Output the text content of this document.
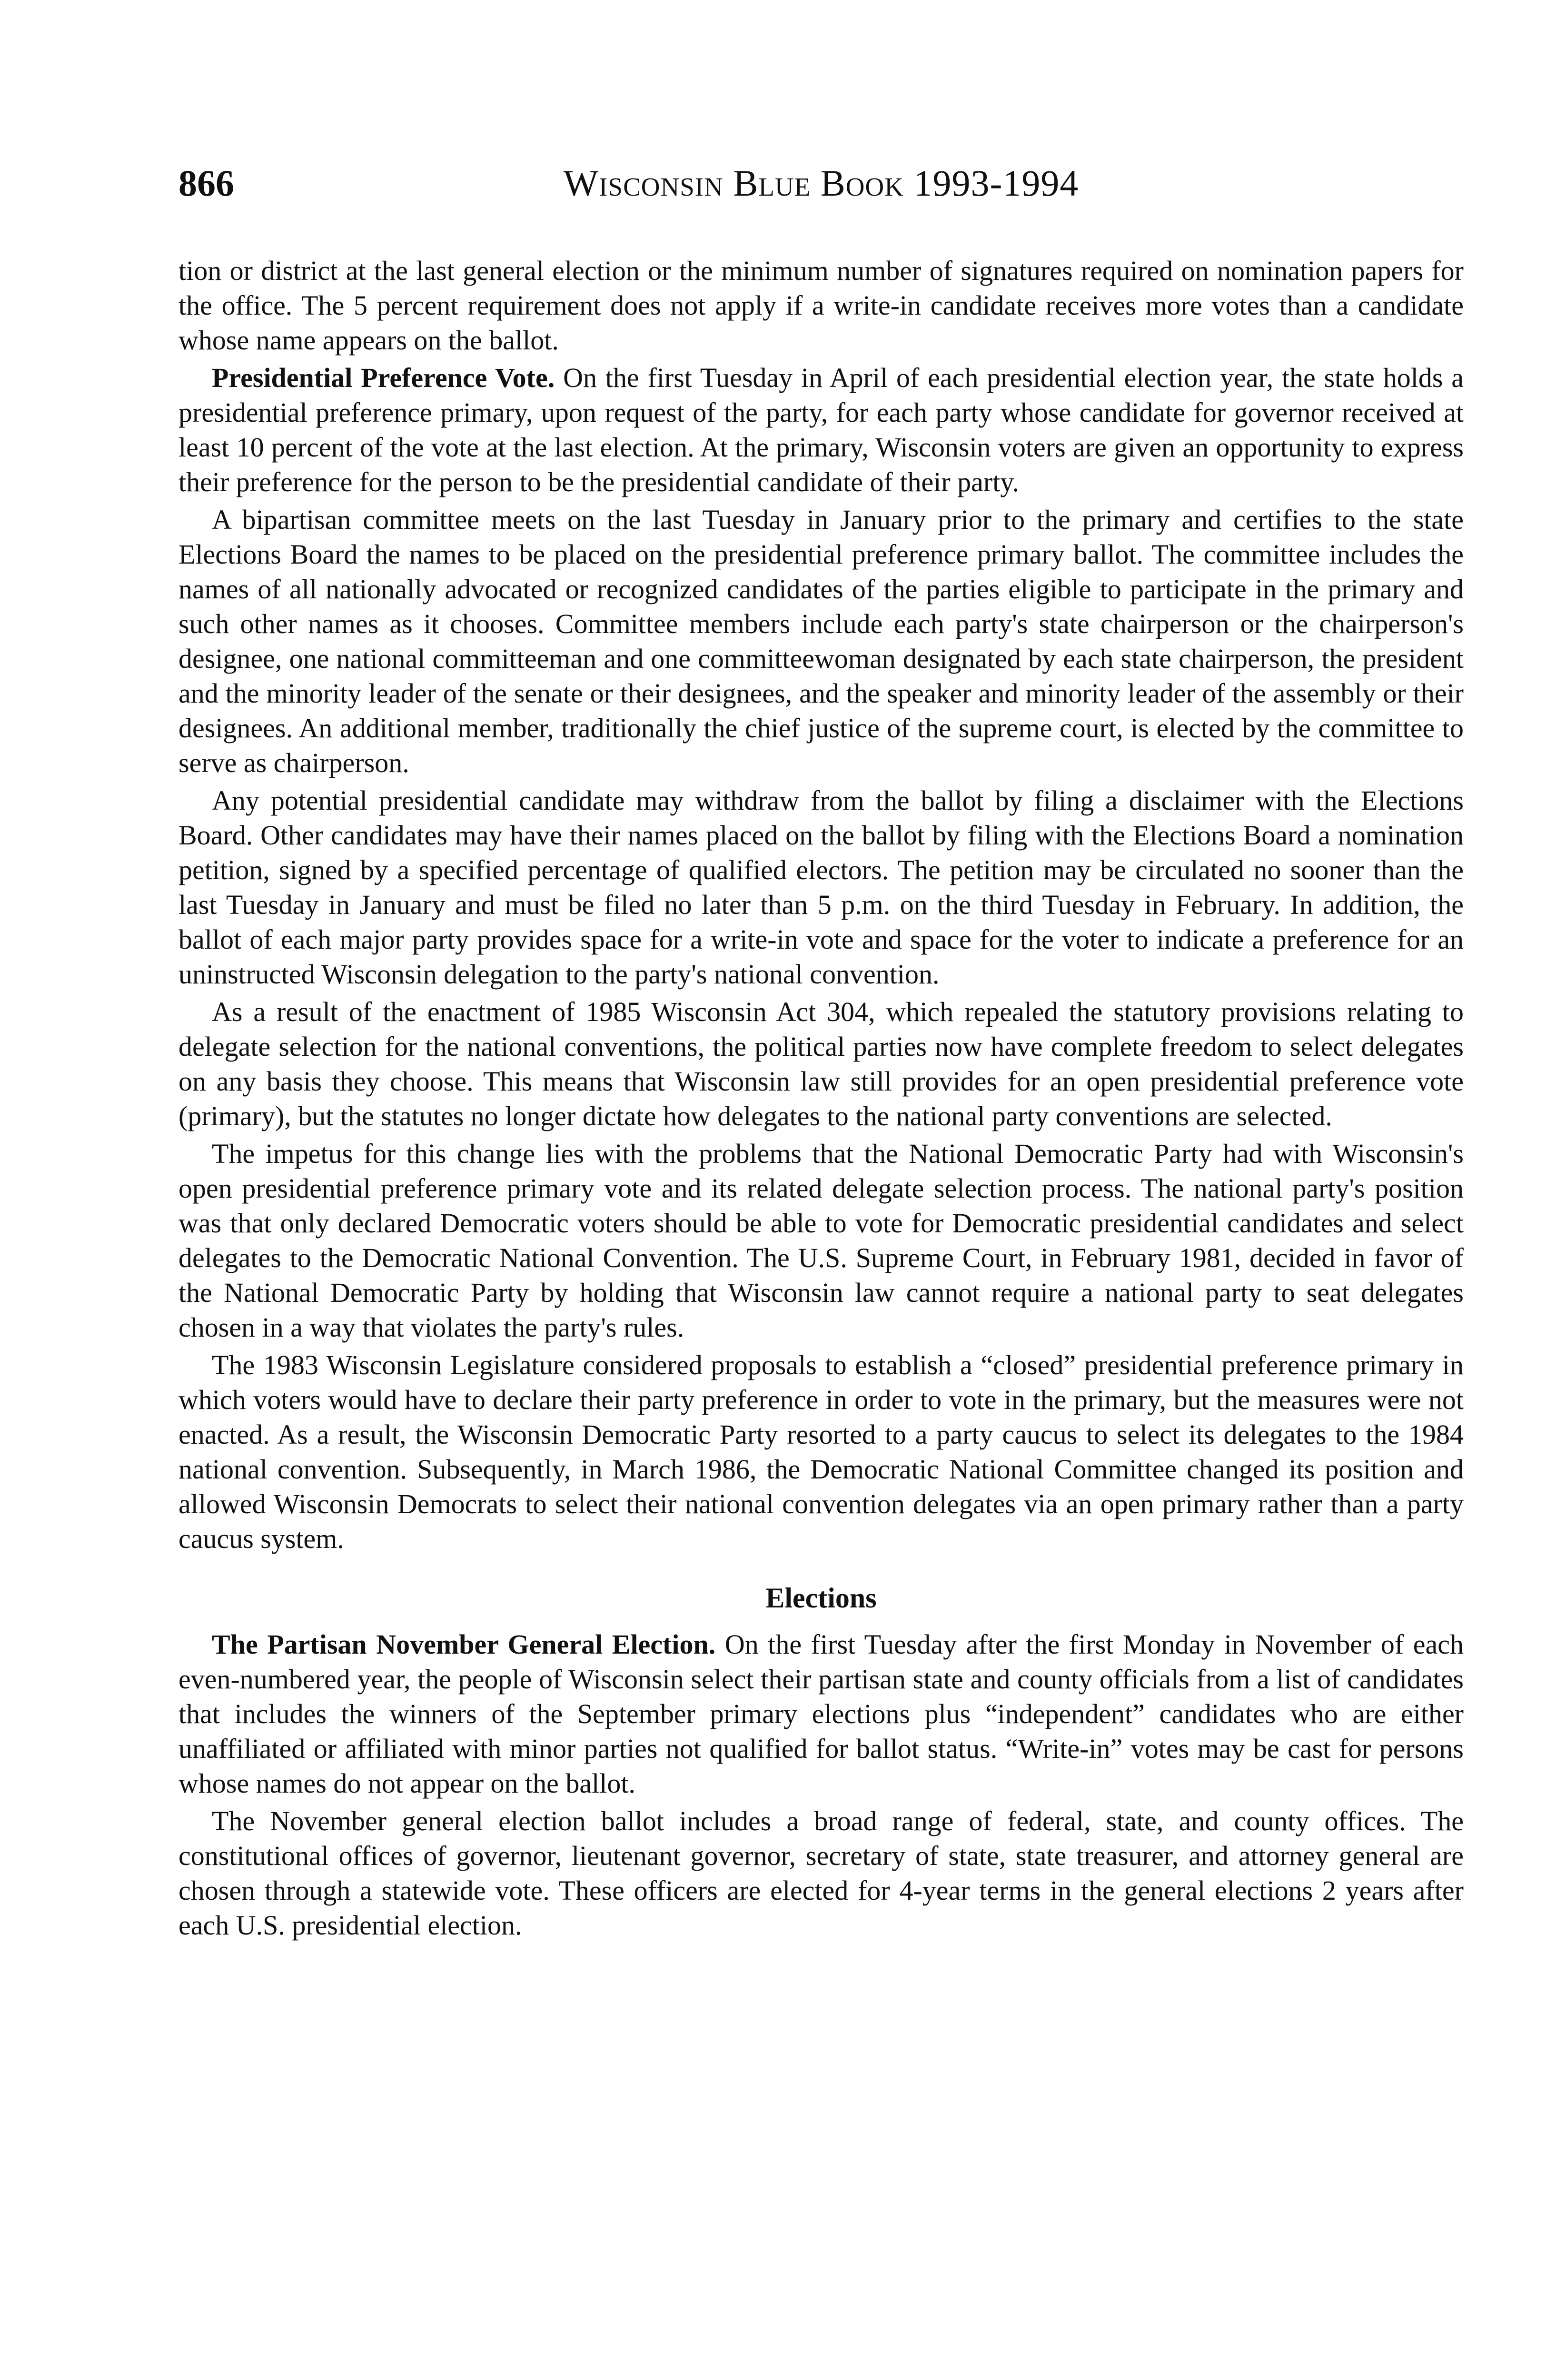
866	Wisconsin Blue Book 1993-1994

tion or district at the last general election or the minimum number of signatures required on nomination papers for the office. The 5 percent requirement does not apply if a write-in candidate receives more votes than a candidate whose name appears on the ballot.

Presidential Preference Vote. On the first Tuesday in April of each presidential election year, the state holds a presidential preference primary, upon request of the party, for each party whose candidate for governor received at least 10 percent of the vote at the last election. At the primary, Wisconsin voters are given an opportunity to express their preference for the person to be the presidential candidate of their party.

A bipartisan committee meets on the last Tuesday in January prior to the primary and certifies to the state Elections Board the names to be placed on the presidential preference primary ballot. The committee includes the names of all nationally advocated or recognized candidates of the parties eligible to participate in the primary and such other names as it chooses. Committee members include each party's state chairperson or the chairperson's designee, one national committeeman and one committeewoman designated by each state chairperson, the president and the minority leader of the senate or their designees, and the speaker and minority leader of the assembly or their designees. An additional member, traditionally the chief justice of the supreme court, is elected by the committee to serve as chairperson.

Any potential presidential candidate may withdraw from the ballot by filing a disclaimer with the Elections Board. Other candidates may have their names placed on the ballot by filing with the Elections Board a nomination petition, signed by a specified percentage of qualified electors. The petition may be circulated no sooner than the last Tuesday in January and must be filed no later than 5 p.m. on the third Tuesday in February. In addition, the ballot of each major party provides space for a write-in vote and space for the voter to indicate a preference for an uninstructed Wisconsin delegation to the party's national convention.

As a result of the enactment of 1985 Wisconsin Act 304, which repealed the statutory provisions relating to delegate selection for the national conventions, the political parties now have complete freedom to select delegates on any basis they choose. This means that Wisconsin law still provides for an open presidential preference vote (primary), but the statutes no longer dictate how delegates to the national party conventions are selected.

The impetus for this change lies with the problems that the National Democratic Party had with Wisconsin's open presidential preference primary vote and its related delegate selection process. The national party's position was that only declared Democratic voters should be able to vote for Democratic presidential candidates and select delegates to the Democratic National Convention. The U.S. Supreme Court, in February 1981, decided in favor of the National Democratic Party by holding that Wisconsin law cannot require a national party to seat delegates chosen in a way that violates the party's rules.

The 1983 Wisconsin Legislature considered proposals to establish a “closed” presidential preference primary in which voters would have to declare their party preference in order to vote in the primary, but the measures were not enacted. As a result, the Wisconsin Democratic Party resorted to a party caucus to select its delegates to the 1984 national convention. Subsequently, in March 1986, the Democratic National Committee changed its position and allowed Wisconsin Democrats to select their national convention delegates via an open primary rather than a party caucus system.

Elections

The Partisan November General Election. On the first Tuesday after the first Monday in November of each even-numbered year, the people of Wisconsin select their partisan state and county officials from a list of candidates that includes the winners of the September primary elections plus “independent” candidates who are either unaffiliated or affiliated with minor parties not qualified for ballot status. “Write-in” votes may be cast for persons whose names do not appear on the ballot.

The November general election ballot includes a broad range of federal, state, and county offices. The constitutional offices of governor, lieutenant governor, secretary of state, state treasurer, and attorney general are chosen through a statewide vote. These officers are elected for 4-year terms in the general elections 2 years after each U.S. presidential election.
